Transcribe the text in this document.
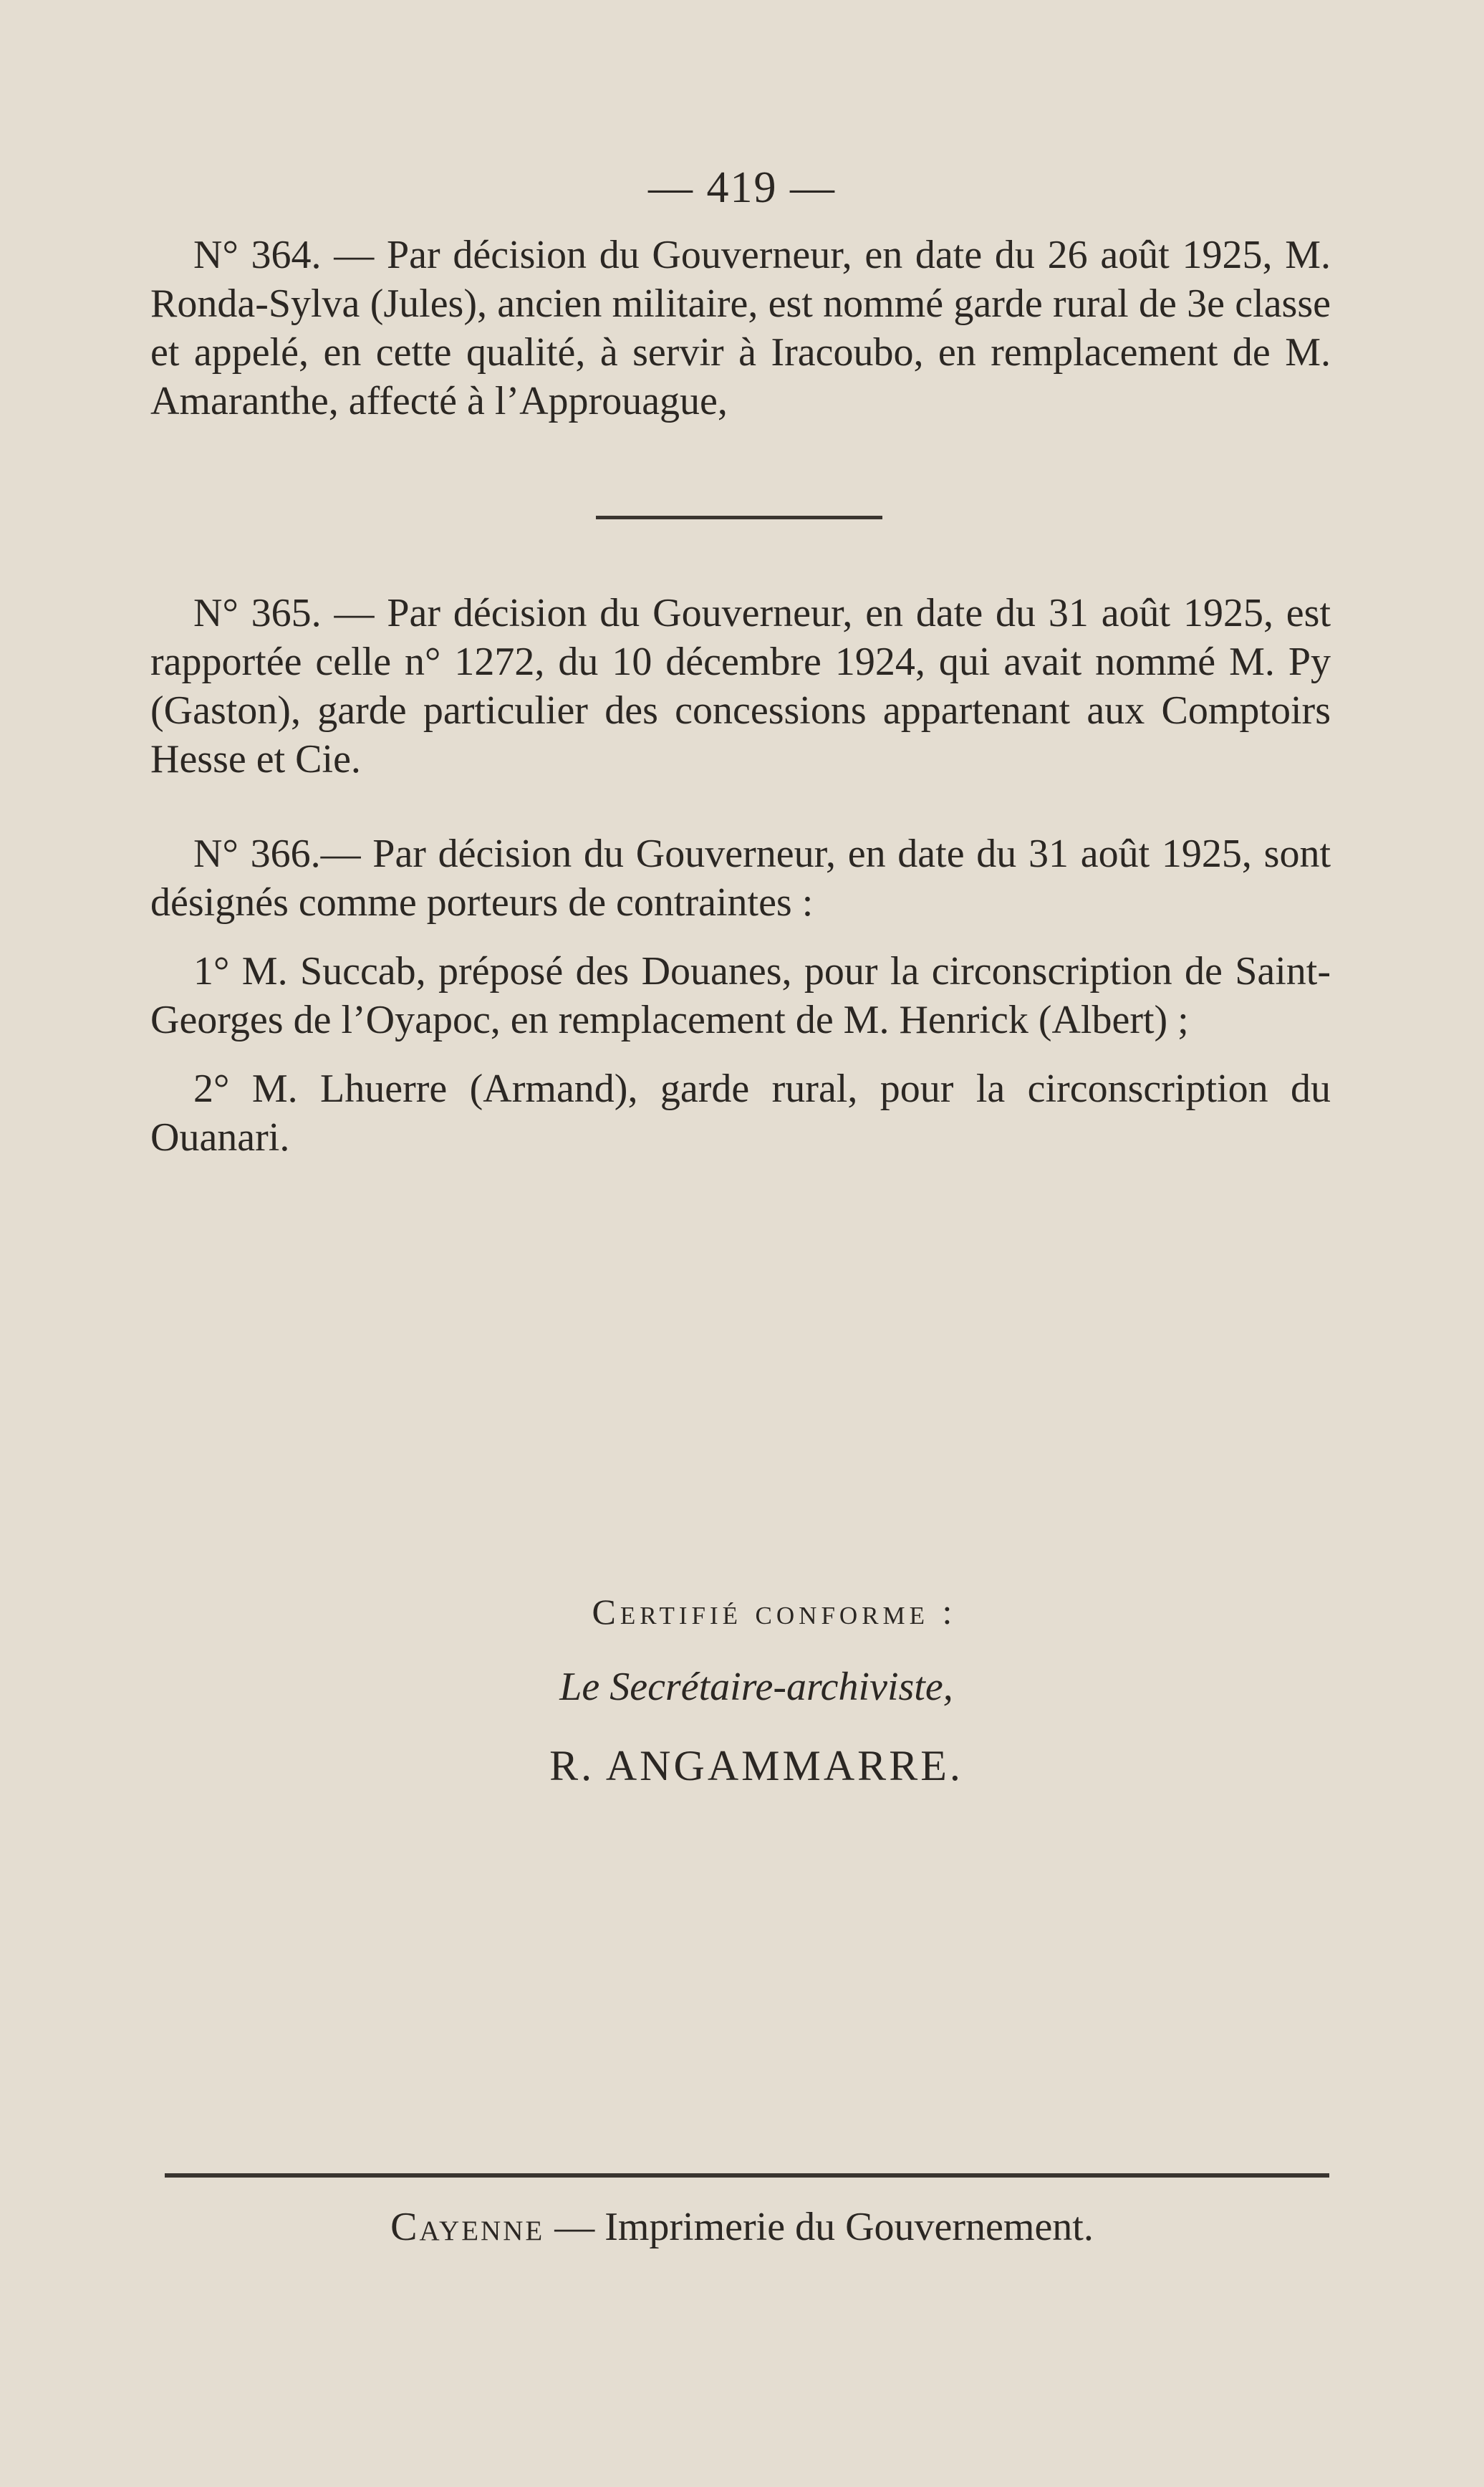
— 419 —

N° 364. — Par décision du Gouverneur, en date du 26 août 1925, M. Ronda-Sylva (Jules), ancien militaire, est nommé garde rural de 3e classe et appelé, en cette qualité, à servir à Iracoubo, en remplacement de M. Amaranthe, affecté à l’Approuague,

N° 365. — Par décision du Gouverneur, en date du 31 août 1925, est rapportée celle n° 1272, du 10 décembre 1924, qui avait nommé M. Py (Gaston), garde particulier des concessions appartenant aux Comptoirs Hesse et Cie.

N° 366.— Par décision du Gouverneur, en date du 31 août 1925, sont désignés comme porteurs de contraintes :

1° M. Succab, préposé des Douanes, pour la circonscription de Saint-Georges de l’Oyapoc, en remplacement de M. Henrick (Albert) ;

2° M. Lhuerre (Armand), garde rural, pour la circonscription du Ouanari.

Certifié conforme :
Le Secrétaire-archiviste,
R. ANGAMMARRE.
Cayenne — Imprimerie du Gouvernement.
